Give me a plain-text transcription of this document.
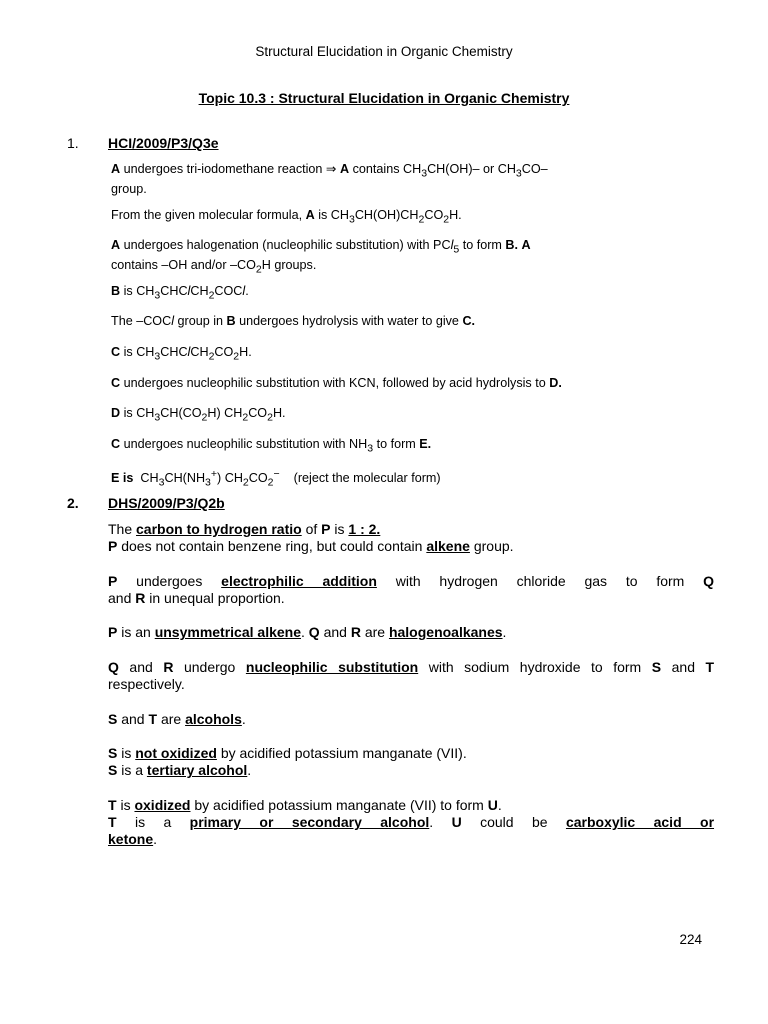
Structural Elucidation in Organic Chemistry
Topic 10.3 : Structural Elucidation in Organic Chemistry
1. HCI/2009/P3/Q3e
A undergoes tri-iodomethane reaction ⇒ A contains $CH_3CH(OH)-$ or $CH_3CO-$
group.
From the given molecular formula, A is $CH_3CH(OH)CH_2CO_2H$.
A undergoes halogenation (nucleophilic substitution) with PCl$_5$ to form B. A
contains –OH and/or $-CO_2H$ groups.
B is $CH_3CHClCH_2COCl$.
The –COCl group in B undergoes hydrolysis with water to give C.
C is $CH_3CHClCH_2CO_2H$.
C undergoes nucleophilic substitution with KCN, followed by acid hydrolysis to D.
D is $CH_3CH(CO_2H)$ $CH_2CO_2H$.
C undergoes nucleophilic substitution with $NH_3$ to form E.
E is $CH_3CH(NH_3^+)$ $CH_2CO_2^-$ (reject the molecular form)
2. DHS/2009/P3/Q2b
The carbon to hydrogen ratio of P is 1 : 2.
P does not contain benzene ring, but could contain alkene group.
P undergoes electrophilic addition with hydrogen chloride gas to form Q
and R in unequal proportion.
P is an unsymmetrical alkene. Q and R are halogenoalkanes.
Q and R undergo nucleophilic substitution with sodium hydroxide to form S and T
respectively.
S and T are alcohols.
S is not oxidized by acidified potassium manganate (VII).
S is a tertiary alcohol.
T is oxidized by acidified potassium manganate (VII) to form U.
T is a primary or secondary alcohol. U could be carboxylic acid or
ketone.
224
